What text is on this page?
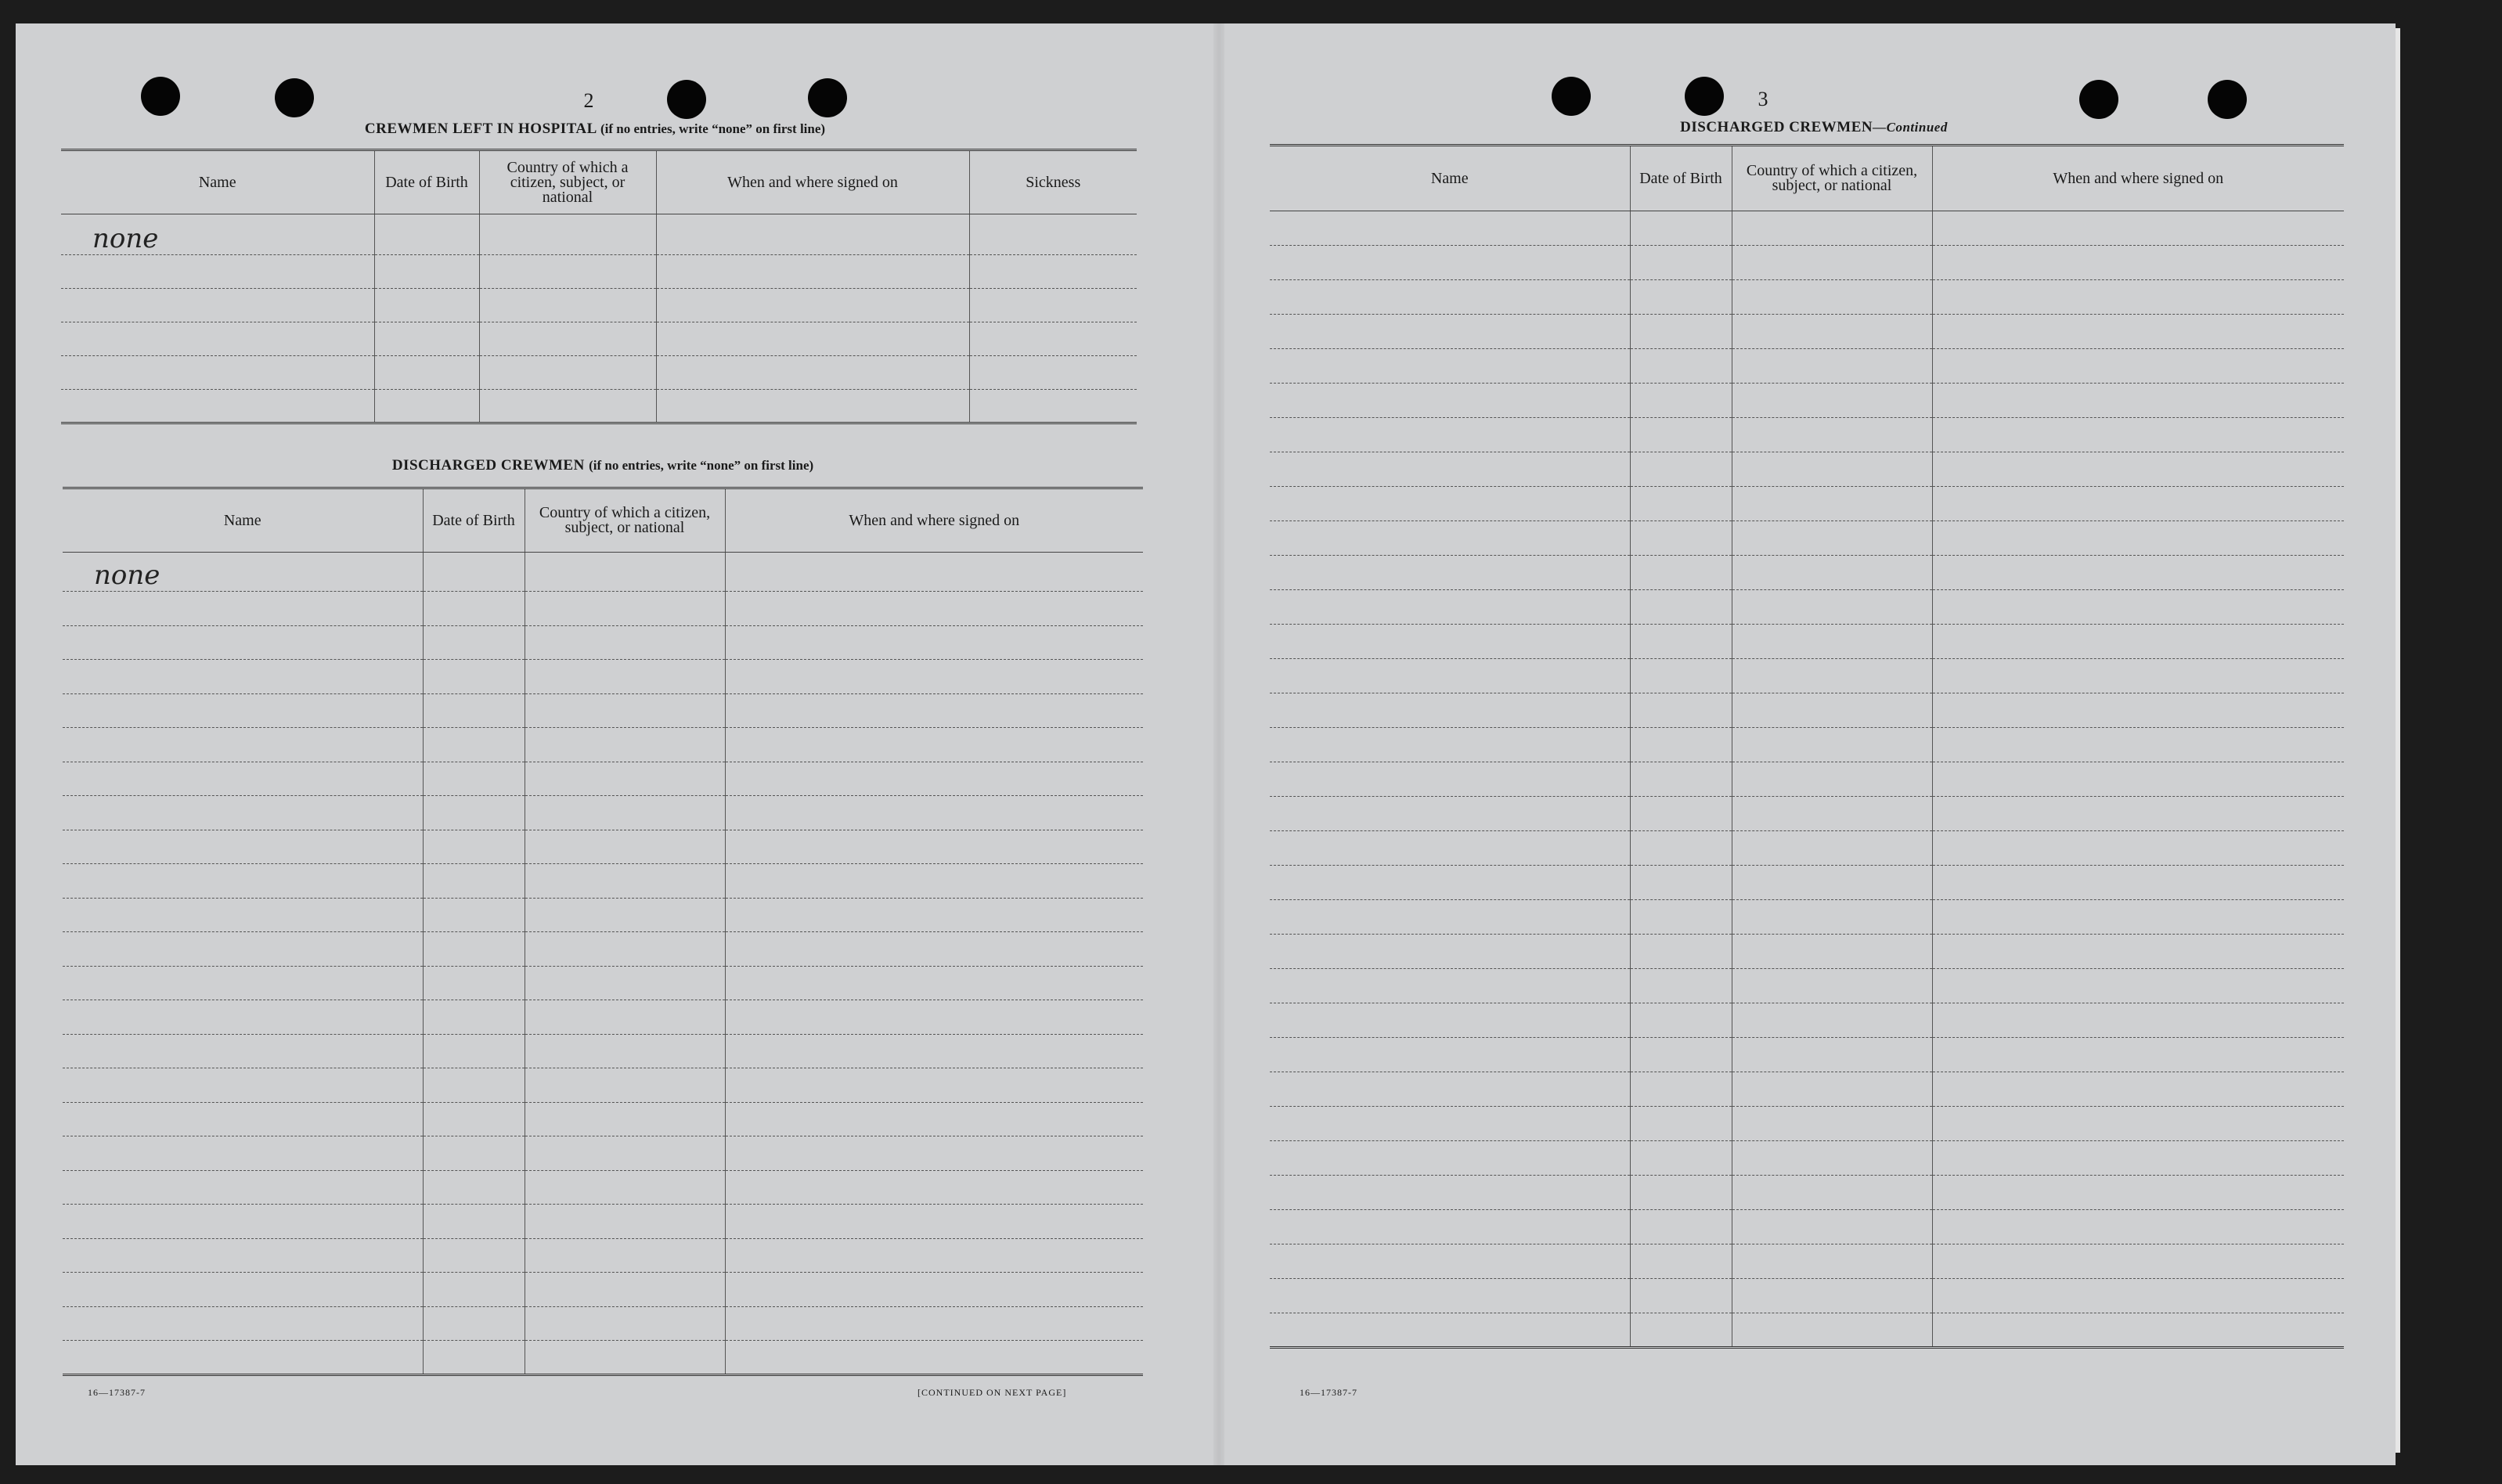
2
CREWMEN LEFT IN HOSPITAL (if no entries, write “none” on first line)
Name	Date of Birth	Country of which a citizen, subject, or national	When and where signed on	Sickness
none				

DISCHARGED CREWMEN (if no entries, write “none” on first line)
Name	Date of Birth	Country of which a citizen, subject, or national	When and where signed on
none			

16—17387-7	[CONTINUED ON NEXT PAGE]
3
DISCHARGED CREWMEN—Continued
Name	Date of Birth	Country of which a citizen, subject, or national	When and where signed on

16—17387-7
